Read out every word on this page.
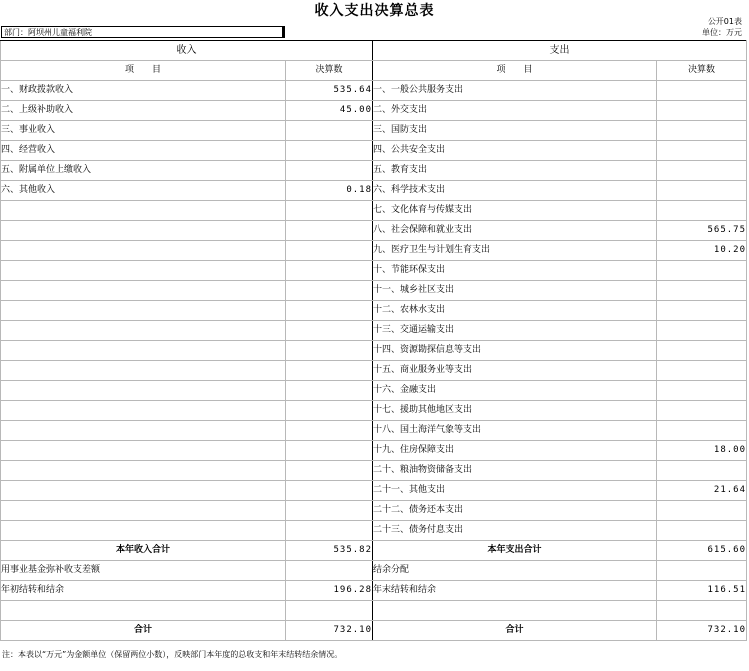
收入支出决算总表
部门：阿坝州儿童福利院
公开01表
单位：万元
收入		支出	
项　　目	决算数	项　　目	决算数
一、财政拨款收入	535.64	一、一般公共服务支出	
二、上级补助收入	45.00	二、外交支出	
三、事业收入		三、国防支出	
四、经营收入		四、公共安全支出	
五、附属单位上缴收入		五、教育支出	
六、其他收入	0.18	六、科学技术支出	
		七、文化体育与传媒支出	
		八、社会保障和就业支出	565.75
		九、医疗卫生与计划生育支出	10.20
		十、节能环保支出	
		十一、城乡社区支出	
		十二、农林水支出	
		十三、交通运输支出	
		十四、资源勘探信息等支出	
		十五、商业服务业等支出	
		十六、金融支出	
		十七、援助其他地区支出	
		十八、国土海洋气象等支出	
		十九、住房保障支出	18.00
		二十、粮油物资储备支出	
		二十一、其他支出	21.64
		二十二、债务还本支出	
		二十三、债务付息支出	
本年收入合计	535.82	本年支出合计	615.60
用事业基金弥补收支差额		结余分配	
年初结转和结余	196.28	年末结转和结余	116.51

合计	732.10	合计	732.10
注：本表以“万元”为金额单位（保留两位小数），反映部门本年度的总收支和年末结转结余情况。
